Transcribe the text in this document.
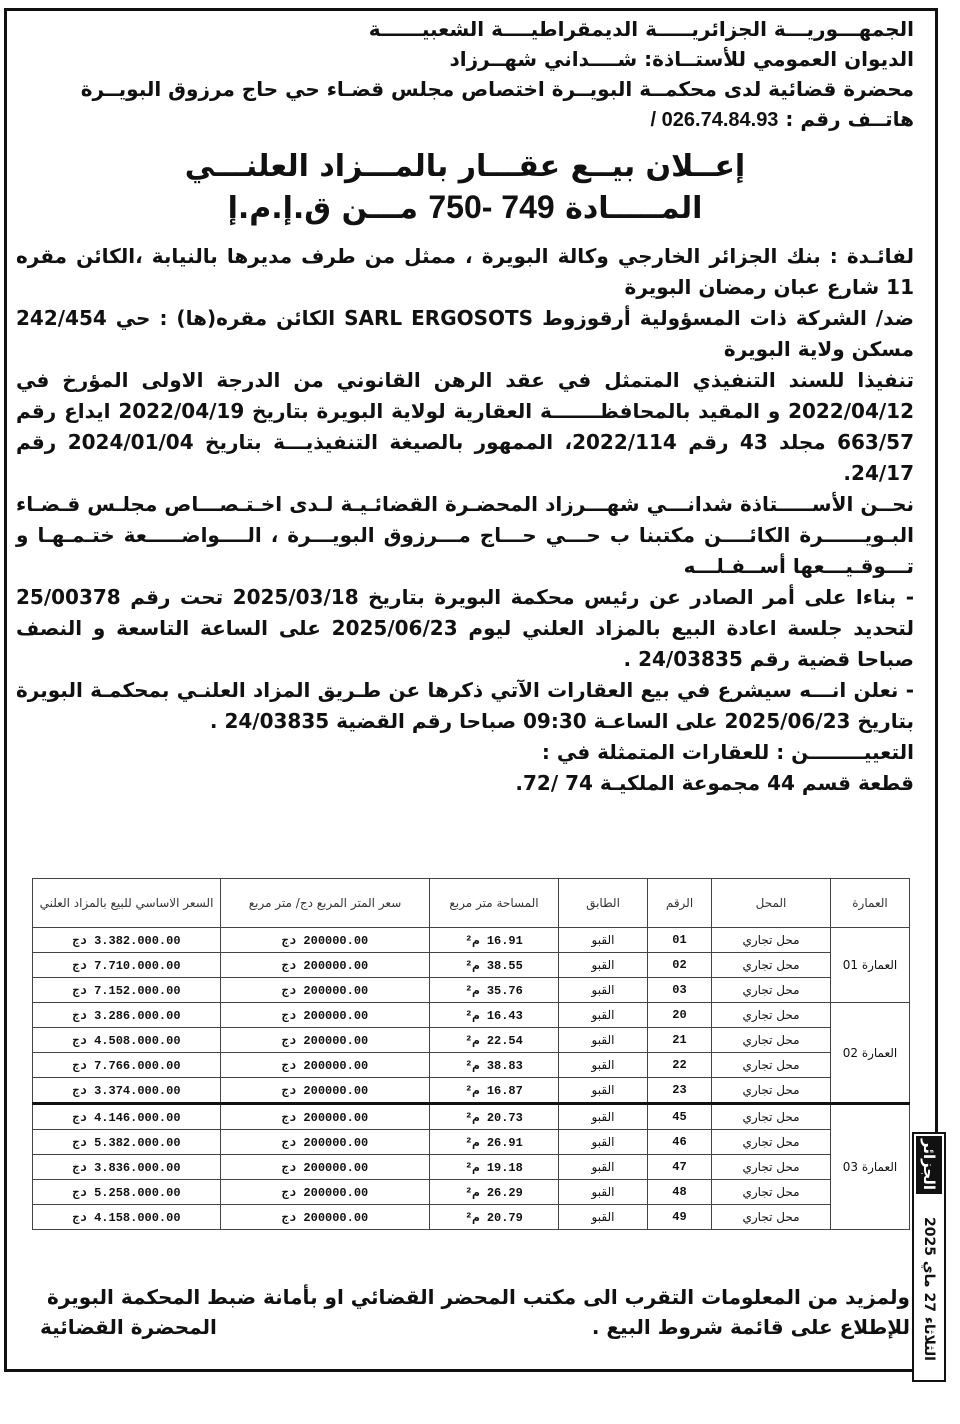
الجمهـــوريـــة الجزائريـــــة الديمقراطيــــة الشعبيــــــة
الديوان العمومي للأستــاذة: شــــداني شهــرزاد
محضرة قضائية لدى محكمــة البويــرة اختصاص مجلس قضـاء حي حاج مرزوق البويــرة
هاتــف رقم : 026.74.84.93 /
إعــلان بيــع عقـــار بالمـــزاد العلنـــي
المـــــادة 749 -750 مـــن ق.إ.م.إ

لفائـدة : بنك الجزائر الخارجي وكالة البويرة ، ممثل من طرف مديرها بالنيابة ،الكائن مقره 11 شارع عبان رمضان البويرة

ضد/ الشركة ذات المسؤولية أرقوزوط SARL ERGOSOTS الكائن مقره(ها) : حي 242/454 مسكن ولاية البويرة

تنفيذا للسند التنفيذي المتمثل في عقد الرهن القانوني من الدرجة الاولى المؤرخ في 2022/04/12 و المقيد بالمحافظـــــــة العقارية لولاية البويرة بتاريخ 2022/04/19 ايداع رقم 663/57 مجلد 43 رقم 2022/114، الممهور بالصيغة التنفيذيـــة بتاريخ 2024/01/04 رقم 24/17.

نحــن الأســـــتاذة شدانـــي شهـــرزاد المحضـرة القضائـيـة لـدى اخـتـصـــاص مجلـس قـضـاء البـويــــــرة الكائــــن مكتبنا ب حـــي حـــاج مـــرزوق البويـــرة ، الــــواضـــــعة ختـمـهـا و تـــوقـيـــعها أســفـلـــه

- بناءا على أمر الصادر عن رئيس محكمة البويرة بتاريخ 2025/03/18 تحت رقم 25/00378 لتحديد جلسة اعادة البيع بالمزاد العلني ليوم 2025/06/23 على الساعة التاسعة و النصف صباحا قضية رقم 24/03835 .

- نعلن انـــه سيشرع في بيع العقارات الآتي ذكرها عن طـريق المزاد العلنـي بمحكمـة البويرة بتاريخ 2025/06/23 على الساعـة 09:30 صباحا رقم القضية 24/03835 .

التعييــــــــن : للعقارات المتمثلة في :

قطعة قسم 44 مجموعة الملكيـة 74 /72.

العمارة	المحل	الرقم	الطابق	المساحة متر مربع	سعر المتر المربع دج/ متر مربع	السعر الاساسي للبيع بالمزاد العلني
العمارة 01	محل تجاري	01	القبو	16.91 م²	200000.00 دج	3.382.000.00 دج
	محل تجاري	02	القبو	38.55 م²	200000.00 دج	7.710.000.00 دج
	محل تجاري	03	القبو	35.76 م²	200000.00 دج	7.152.000.00 دج
العمارة 02	محل تجاري	20	القبو	16.43 م²	200000.00 دج	3.286.000.00 دج
	محل تجاري	21	القبو	22.54 م²	200000.00 دج	4.508.000.00 دج
	محل تجاري	22	القبو	38.83 م²	200000.00 دج	7.766.000.00 دج
	محل تجاري	23	القبو	16.87 م²	200000.00 دج	3.374.000.00 دج
العمارة 03	محل تجاري	45	القبو	20.73 م²	200000.00 دج	4.146.000.00 دج
	محل تجاري	46	القبو	26.91 م²	200000.00 دج	5.382.000.00 دج
	محل تجاري	47	القبو	19.18 م²	200000.00 دج	3.836.000.00 دج
	محل تجاري	48	القبو	26.29 م²	200000.00 دج	5.258.000.00 دج
	محل تجاري	49	القبو	20.79 م²	200000.00 دج	4.158.000.00 دج
ولمزيد من المعلومات التقرب الى مكتب المحضر القضائي او بأمانة ضبط المحكمة البويرة
للإطلاع على قائمة شروط البيع .
المحضرة القضائية
الجزائر
الثلاثاء 27 ماي 2025
